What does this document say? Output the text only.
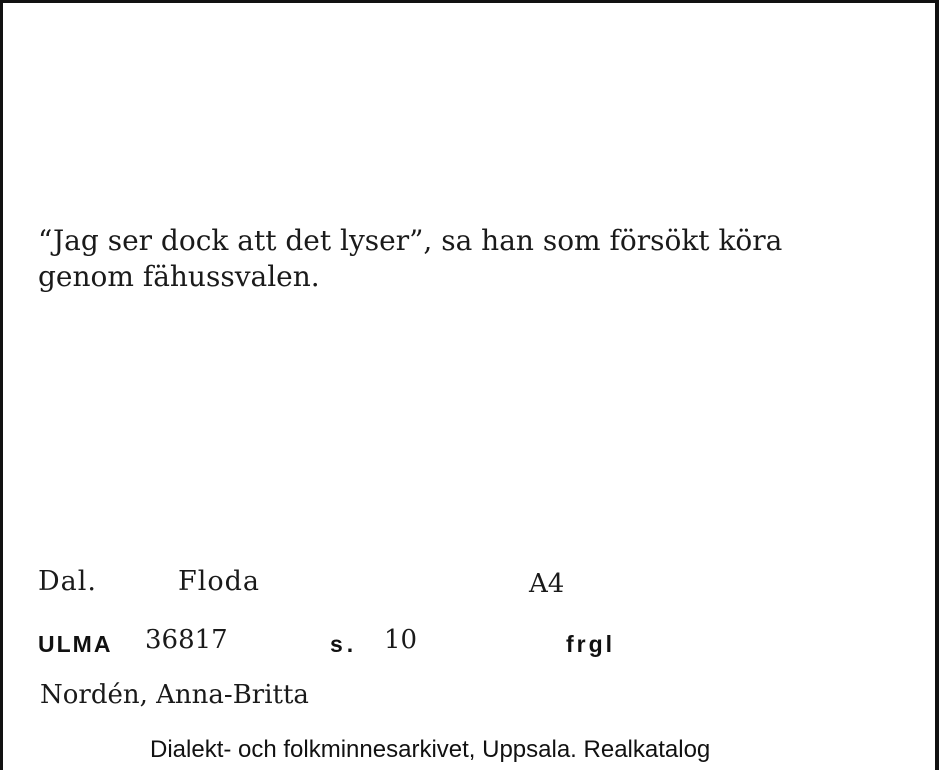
“Jag ser dock att det lyser”, sa han som försökt köra genom fähussvalen.
Dal.	Floda	A4
ULMA 36817	s. 10	frgl
Nordén, Anna-Britta
Dialekt- och folkminnesarkivet, Uppsala. Realkatalog
